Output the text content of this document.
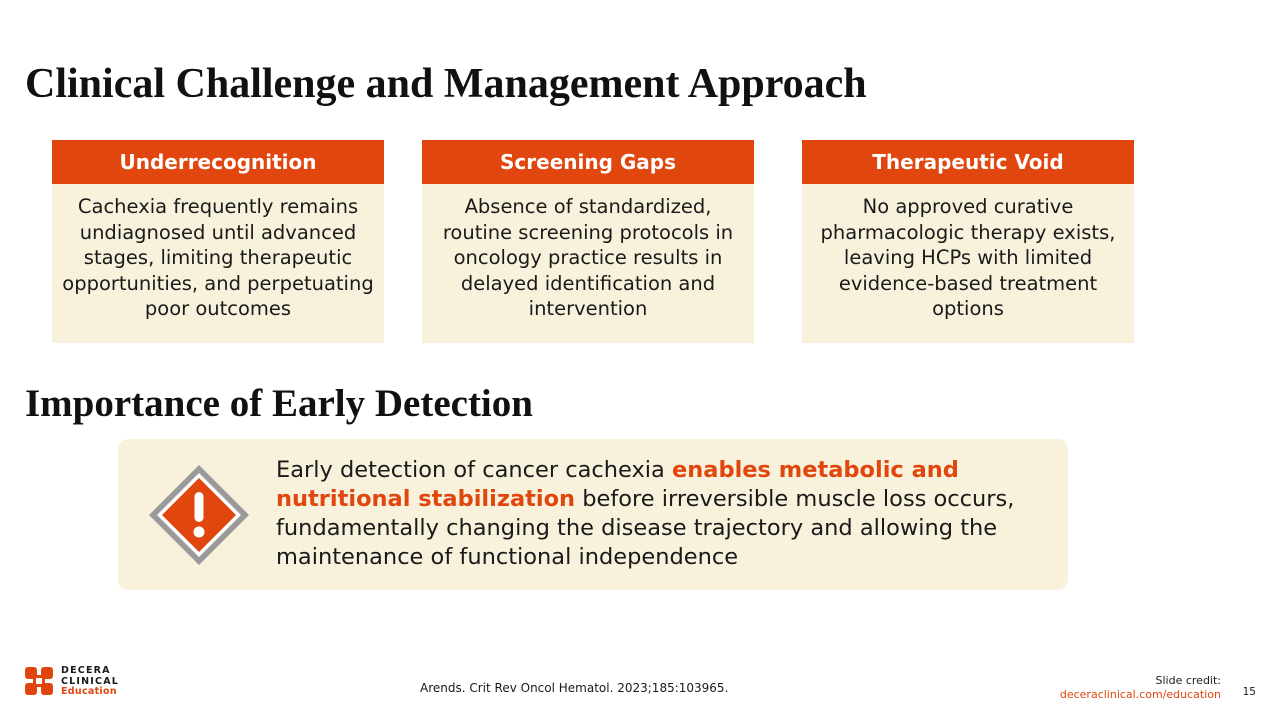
Clinical Challenge and Management Approach
Underrecognition
Cachexia frequently remains undiagnosed until advanced stages, limiting therapeutic opportunities, and perpetuating poor outcomes
Screening Gaps
Absence of standardized, routine screening protocols in oncology practice results in delayed identification and intervention
Therapeutic Void
No approved curative pharmacologic therapy exists, leaving HCPs with limited evidence-based treatment options
Importance of Early Detection
Early detection of cancer cachexia enables metabolic and nutritional stabilization before irreversible muscle loss occurs, fundamentally changing the disease trajectory and allowing the maintenance of functional independence
DECERA
CLINICAL
Education	Arends. Crit Rev Oncol Hematol. 2023;185:103965.
Slide credit:
deceraclinical.com/education 15
